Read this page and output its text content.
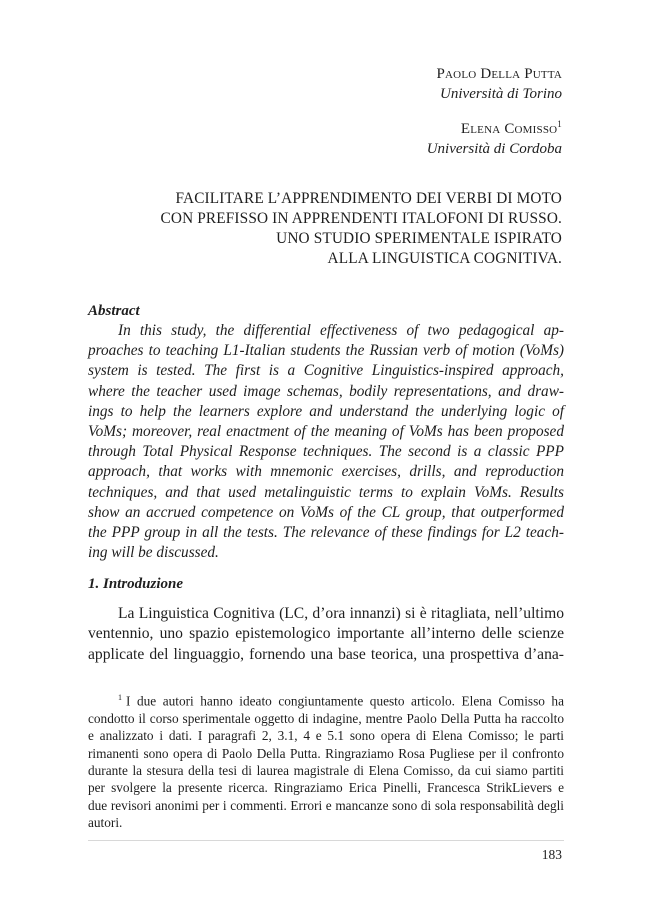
Paolo Della Putta
Università di Torino
Elena Comisso$^1$
Università di Cordoba
FACILITARE L’APPRENDIMENTO DEI VERBI DI MOTO
CON PREFISSO IN APPRENDENTI ITALOFONI DI RUSSO.
UNO STUDIO SPERIMENTALE ISPIRATO
ALLA LINGUISTICA COGNITIVA.
Abstract
In this study, the differential effectiveness of two pedagogical ap-
proaches to teaching L1-Italian students the Russian verb of motion (VoMs)
system is tested. The first is a Cognitive Linguistics-inspired approach,
where the teacher used image schemas, bodily representations, and draw-
ings to help the learners explore and understand the underlying logic of
VoMs; moreover, real enactment of the meaning of VoMs has been proposed
through Total Physical Response techniques. The second is a classic PPP
approach, that works with mnemonic exercises, drills, and reproduction
techniques, and that used metalinguistic terms to explain VoMs. Results
show an accrued competence on VoMs of the CL group, that outperformed
the PPP group in all the tests. The relevance of these findings for L2 teach-
ing will be discussed.
1. Introduzione
La Linguistica Cognitiva (LC, d’ora innanzi) si è ritagliata, nell’ultimo
ventennio, uno spazio epistemologico importante all’interno delle scienze
applicate del linguaggio, fornendo una base teorica, una prospettiva d’ana-
$^1$ I due autori hanno ideato congiuntamente questo articolo. Elena Comisso ha
condotto il corso sperimentale oggetto di indagine, mentre Paolo Della Putta ha raccolto
e analizzato i dati. I paragrafi 2, 3.1, 4 e 5.1 sono opera di Elena Comisso; le parti
rimanenti sono opera di Paolo Della Putta. Ringraziamo Rosa Pugliese per il confronto
durante la stesura della tesi di laurea magistrale di Elena Comisso, da cui siamo partiti
per svolgere la presente ricerca. Ringraziamo Erica Pinelli, Francesca StrikLievers e
due revisori anonimi per i commenti. Errori e mancanze sono di sola responsabilità degli
autori.
183
